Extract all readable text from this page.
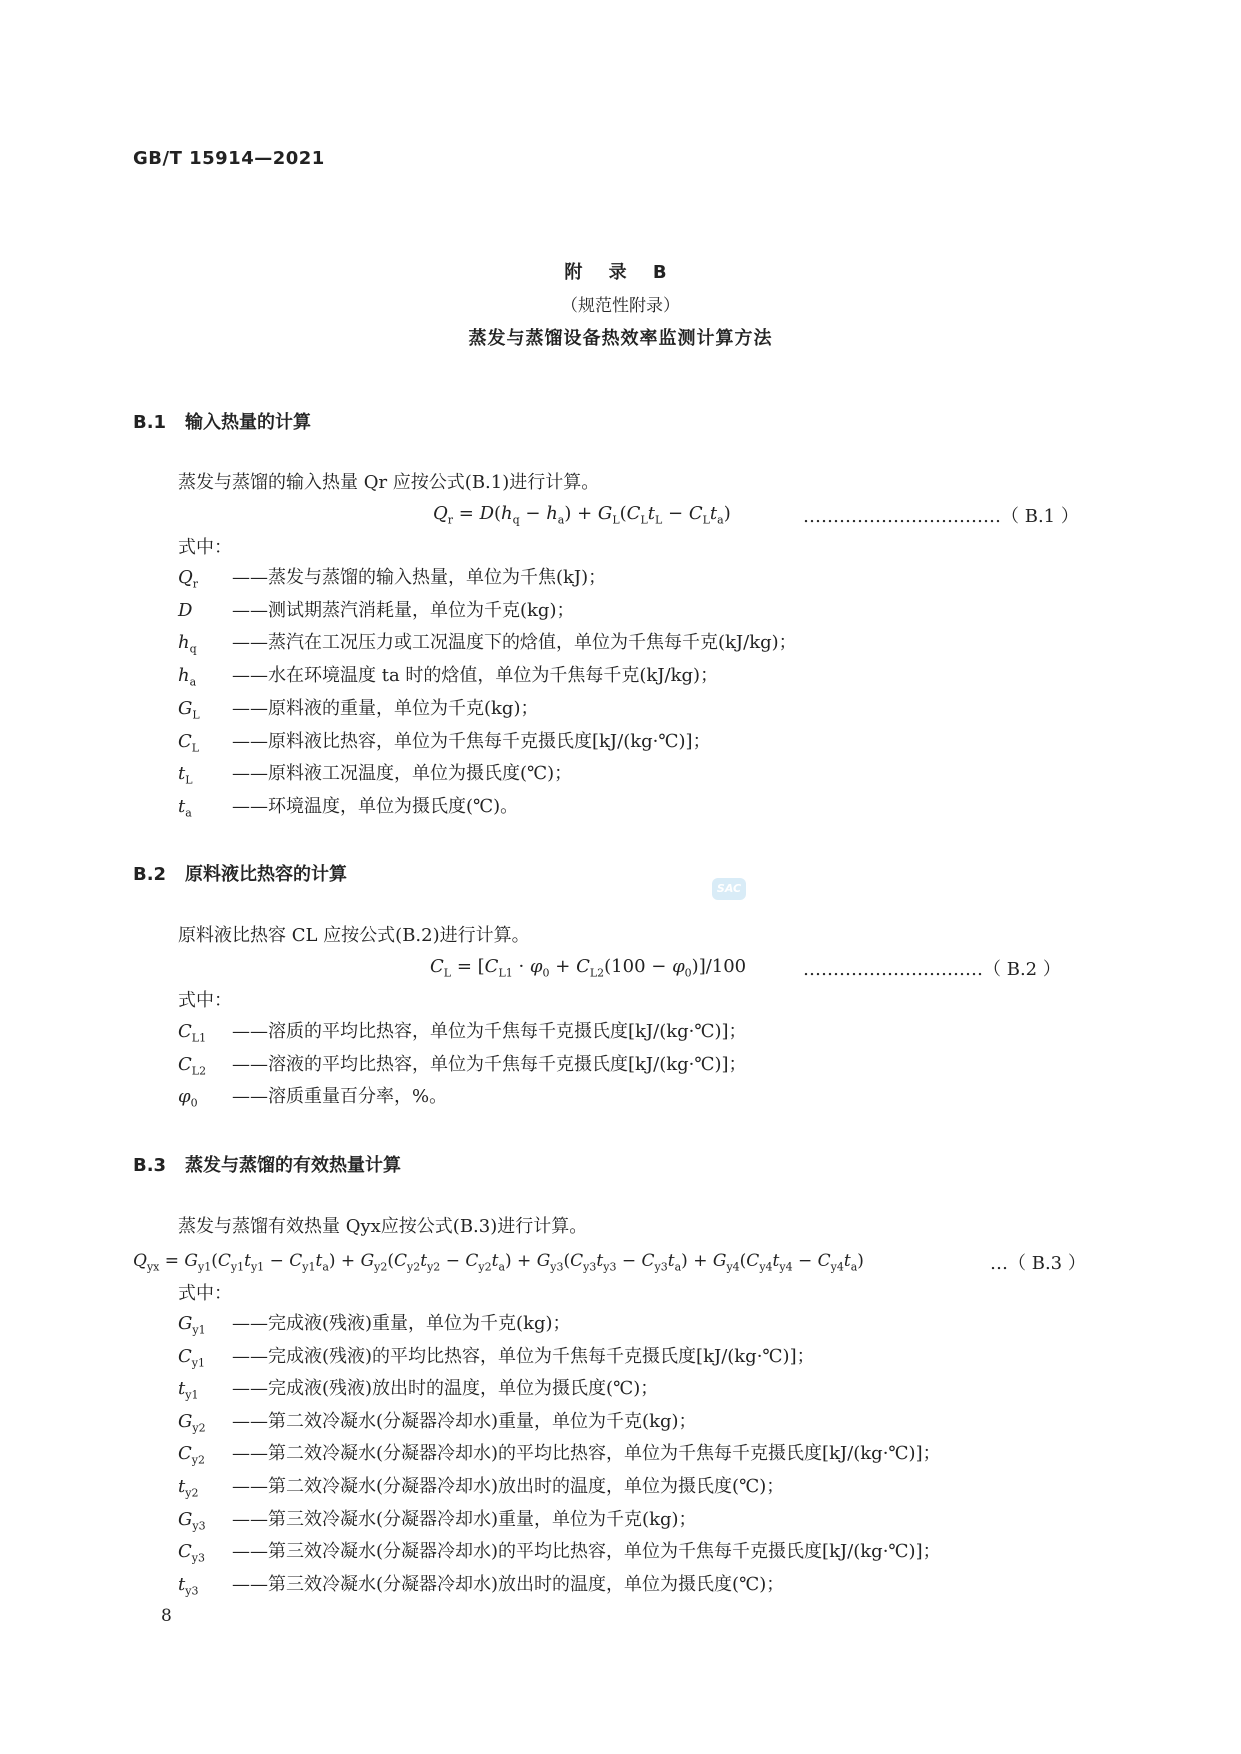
GB/T 15914—2021
附 录 B
（规范性附录）
蒸发与蒸馏设备热效率监测计算方法
B.1 输入热量的计算
蒸发与蒸馏的输入热量 Qr 应按公式(B.1)进行计算。
$Q_r = D(h_q - h_a) + G_L(C_Lt_L - C_Lt_a)$	……………………………（ B.1 ）
式中：
$Q_r$ ——蒸发与蒸馏的输入热量，单位为千焦(kJ)；
D ——测试期蒸汽消耗量，单位为千克(kg)；
$h_q$ ——蒸汽在工况压力或工况温度下的焓值，单位为千焦每千克(kJ/kg)；
$h_a$ ——水在环境温度 ta 时的焓值，单位为千焦每千克(kJ/kg)；
$G_L$ ——原料液的重量，单位为千克(kg)；
$C_L$ ——原料液比热容，单位为千焦每千克摄氏度[kJ/(kg·℃)]；
$t_L$ ——原料液工况温度，单位为摄氏度(℃)；
$t_a$ ——环境温度，单位为摄氏度(℃)。
B.2 原料液比热容的计算
SAC
原料液比热容 CL 应按公式(B.2)进行计算。
$C_L = [C_{L1} \cdot \varphi_0 + C_{L2}(100 - \varphi_0)]/100$	…………………………（ B.2 ）
式中：
$C_{L1}$ ——溶质的平均比热容，单位为千焦每千克摄氏度[kJ/(kg·℃)]；
$C_{L2}$ ——溶液的平均比热容，单位为千焦每千克摄氏度[kJ/(kg·℃)]；
$\varphi_0$ ——溶质重量百分率，%。
B.3 蒸发与蒸馏的有效热量计算
蒸发与蒸馏有效热量 Qyx应按公式(B.3)进行计算。
$Q_{yx} = G_{y1}(C_{y1}t_{y1} - C_{y1}t_a) + G_{y2}(C_{y2}t_{y2} - C_{y2}t_a) + G_{y3}(C_{y3}t_{y3} - C_{y3}t_a) + G_{y4}(C_{y4}t_{y4} - C_{y4}t_a)$	…（ B.3 ）
式中：
$G_{y1}$ ——完成液(残液)重量，单位为千克(kg)；
$C_{y1}$ ——完成液(残液)的平均比热容，单位为千焦每千克摄氏度[kJ/(kg·℃)]；
$t_{y1}$ ——完成液(残液)放出时的温度，单位为摄氏度(℃)；
$G_{y2}$ ——第二效冷凝水(分凝器冷却水)重量，单位为千克(kg)；
$C_{y2}$ ——第二效冷凝水(分凝器冷却水)的平均比热容，单位为千焦每千克摄氏度[kJ/(kg·℃)]；
$t_{y2}$ ——第二效冷凝水(分凝器冷却水)放出时的温度，单位为摄氏度(℃)；
$G_{y3}$ ——第三效冷凝水(分凝器冷却水)重量，单位为千克(kg)；
$C_{y3}$ ——第三效冷凝水(分凝器冷却水)的平均比热容，单位为千焦每千克摄氏度[kJ/(kg·℃)]；
$t_{y3}$ ——第三效冷凝水(分凝器冷却水)放出时的温度，单位为摄氏度(℃)；
8
